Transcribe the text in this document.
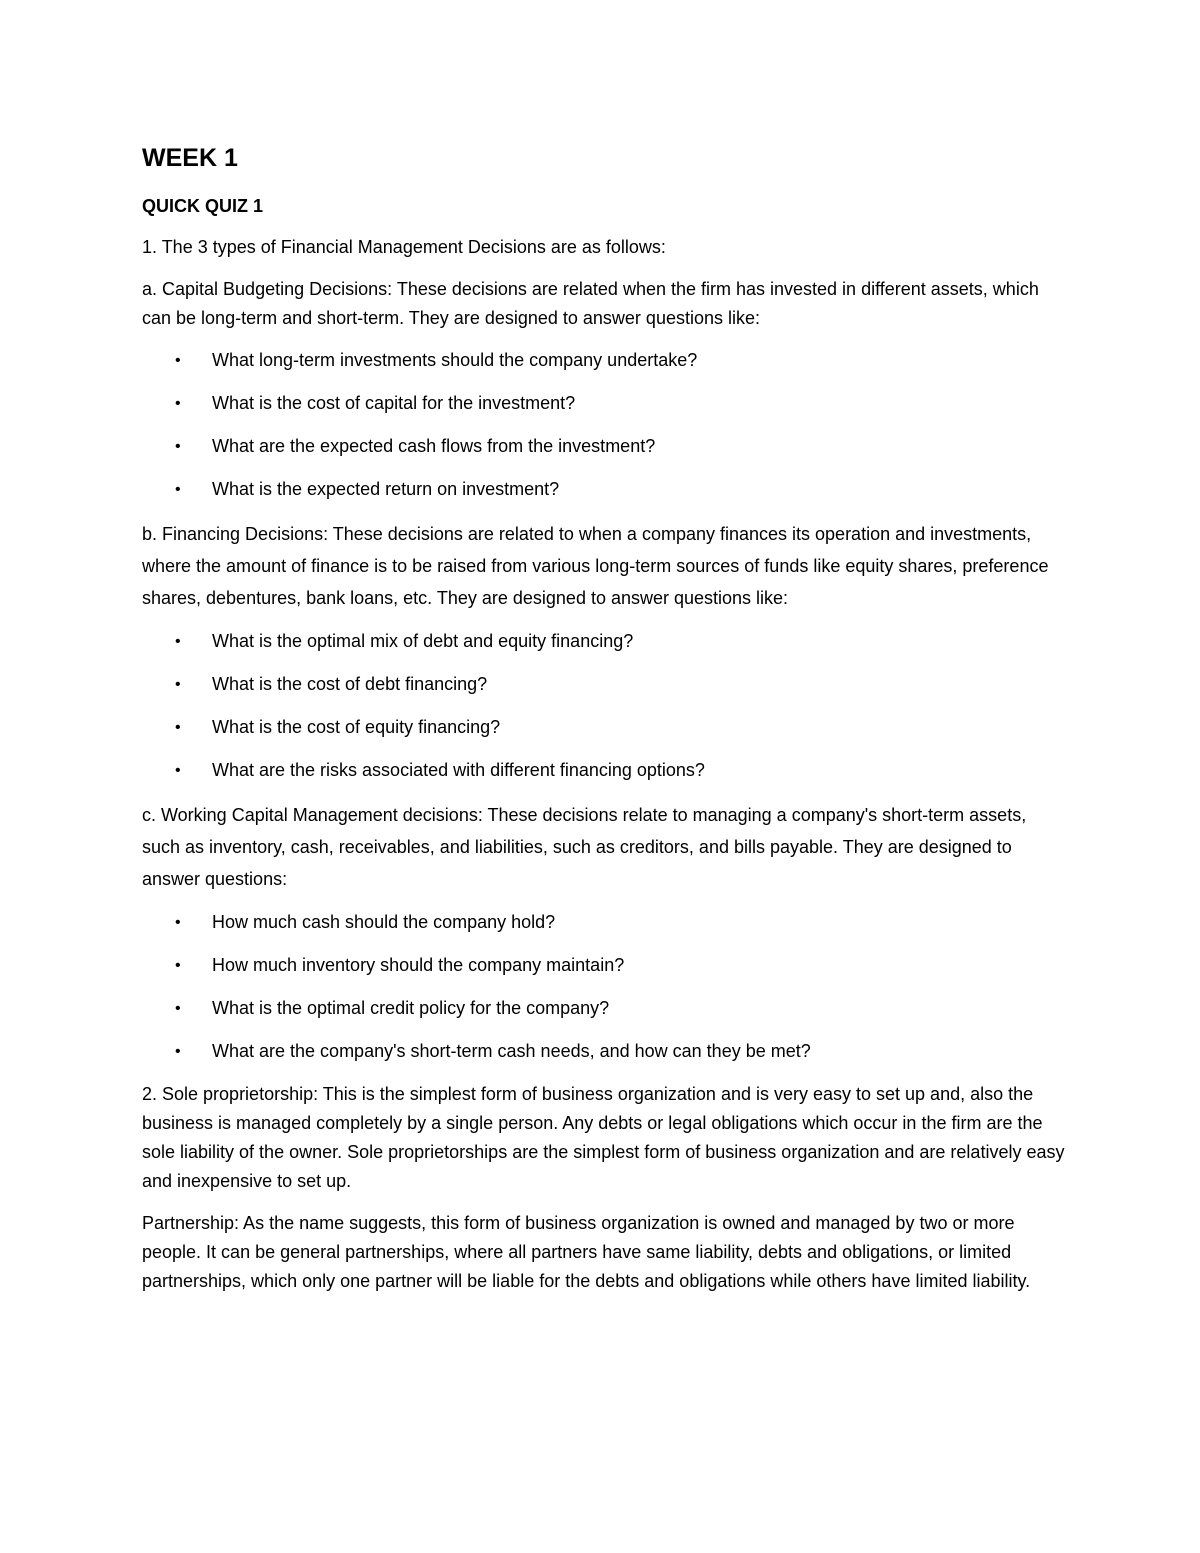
WEEK 1
QUICK QUIZ 1

1. The 3 types of Financial Management Decisions are as follows:

a. Capital Budgeting Decisions: These decisions are related when the firm has invested in different assets, which can be long-term and short-term. They are designed to answer questions like:

• What long-term investments should the company undertake?
• What is the cost of capital for the investment?
• What are the expected cash flows from the investment?
• What is the expected return on investment?

b. Financing Decisions: These decisions are related to when a company finances its operation and investments, where the amount of finance is to be raised from various long-term sources of funds like equity shares, preference shares, debentures, bank loans, etc. They are designed to answer questions like:

• What is the optimal mix of debt and equity financing?
• What is the cost of debt financing?
• What is the cost of equity financing?
• What are the risks associated with different financing options?

c. Working Capital Management decisions: These decisions relate to managing a company's short-term assets, such as inventory, cash, receivables, and liabilities, such as creditors, and bills payable. They are designed to answer questions:

• How much cash should the company hold?
• How much inventory should the company maintain?
• What is the optimal credit policy for the company?
• What are the company's short-term cash needs, and how can they be met?

2. Sole proprietorship: This is the simplest form of business organization and is very easy to set up and, also the business is managed completely by a single person. Any debts or legal obligations which occur in the firm are the sole liability of the owner. Sole proprietorships are the simplest form of business organization and are relatively easy and inexpensive to set up.

Partnership: As the name suggests, this form of business organization is owned and managed by two or more people. It can be general partnerships, where all partners have same liability, debts and obligations, or limited partnerships, which only one partner will be liable for the debts and obligations while others have limited liability.
